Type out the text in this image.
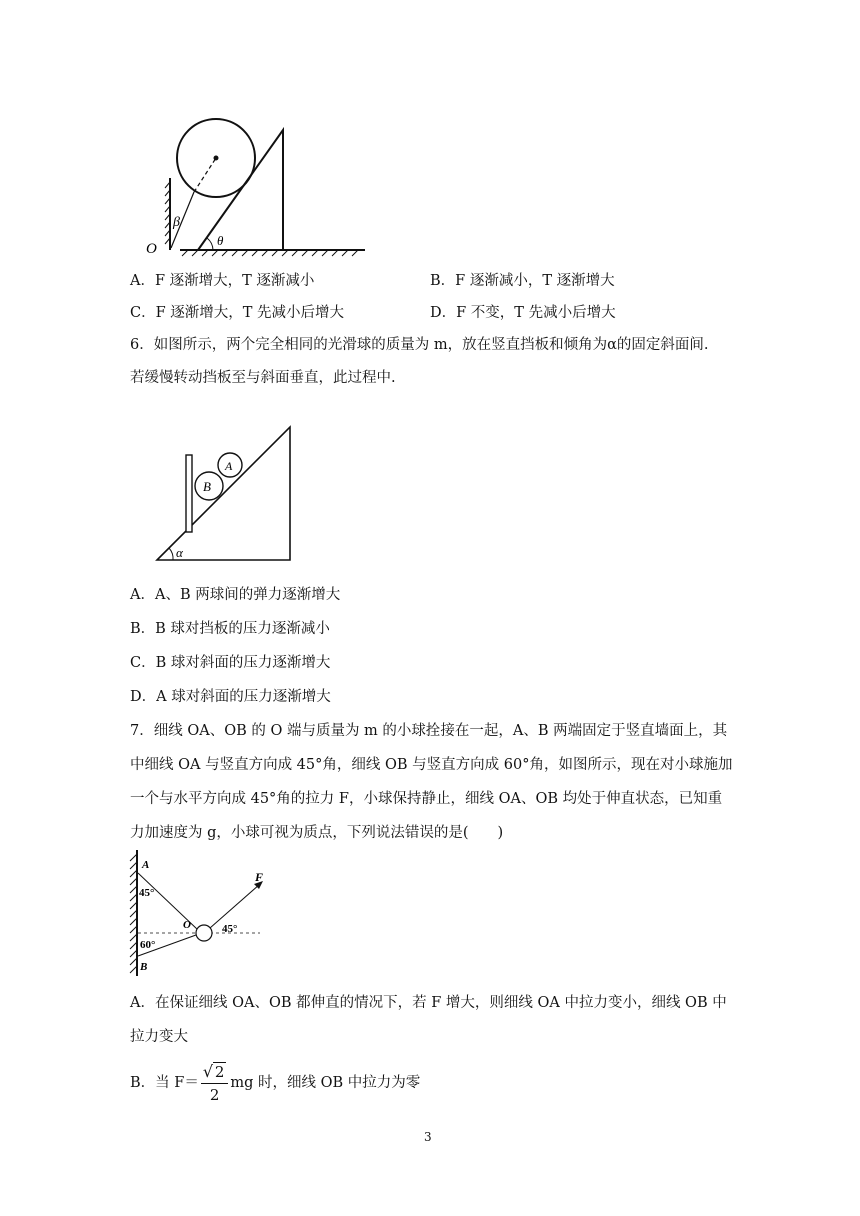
β
θ
O
A．F 逐渐增大，T 逐渐减小	B．F 逐渐减小，T 逐渐增大
C．F 逐渐增大，T 先减小后增大	D．F 不变，T 先减小后增大
6．如图所示，两个完全相同的光滑球的质量为 m，放在竖直挡板和倾角为α的固定斜面间.
若缓慢转动挡板至与斜面垂直，此过程中.
B
A
α
A．A、B 两球间的弹力逐渐增大
B．B 球对挡板的压力逐渐减小
C．B 球对斜面的压力逐渐增大
D．A 球对斜面的压力逐渐增大
7．细线 OA、OB 的 O 端与质量为 m 的小球拴接在一起，A、B 两端固定于竖直墙面上，其
中细线 OA 与竖直方向成 45°角，细线 OB 与竖直方向成 60°角，如图所示，现在对小球施加
一个与水平方向成 45°角的拉力 F，小球保持静止，细线 OA、OB 均处于伸直状态，已知重
力加速度为 g，小球可视为质点，下列说法错误的是(　　)
A
45°
O	45°
F
60°
B
A．在保证细线 OA、OB 都伸直的情况下，若 F 增大，则细线 OA 中拉力变小，细线 OB 中
拉力变大
B．当 $F= \frac{√ 2}{2}$ mg 时，细线 OB 中拉力为零
3
